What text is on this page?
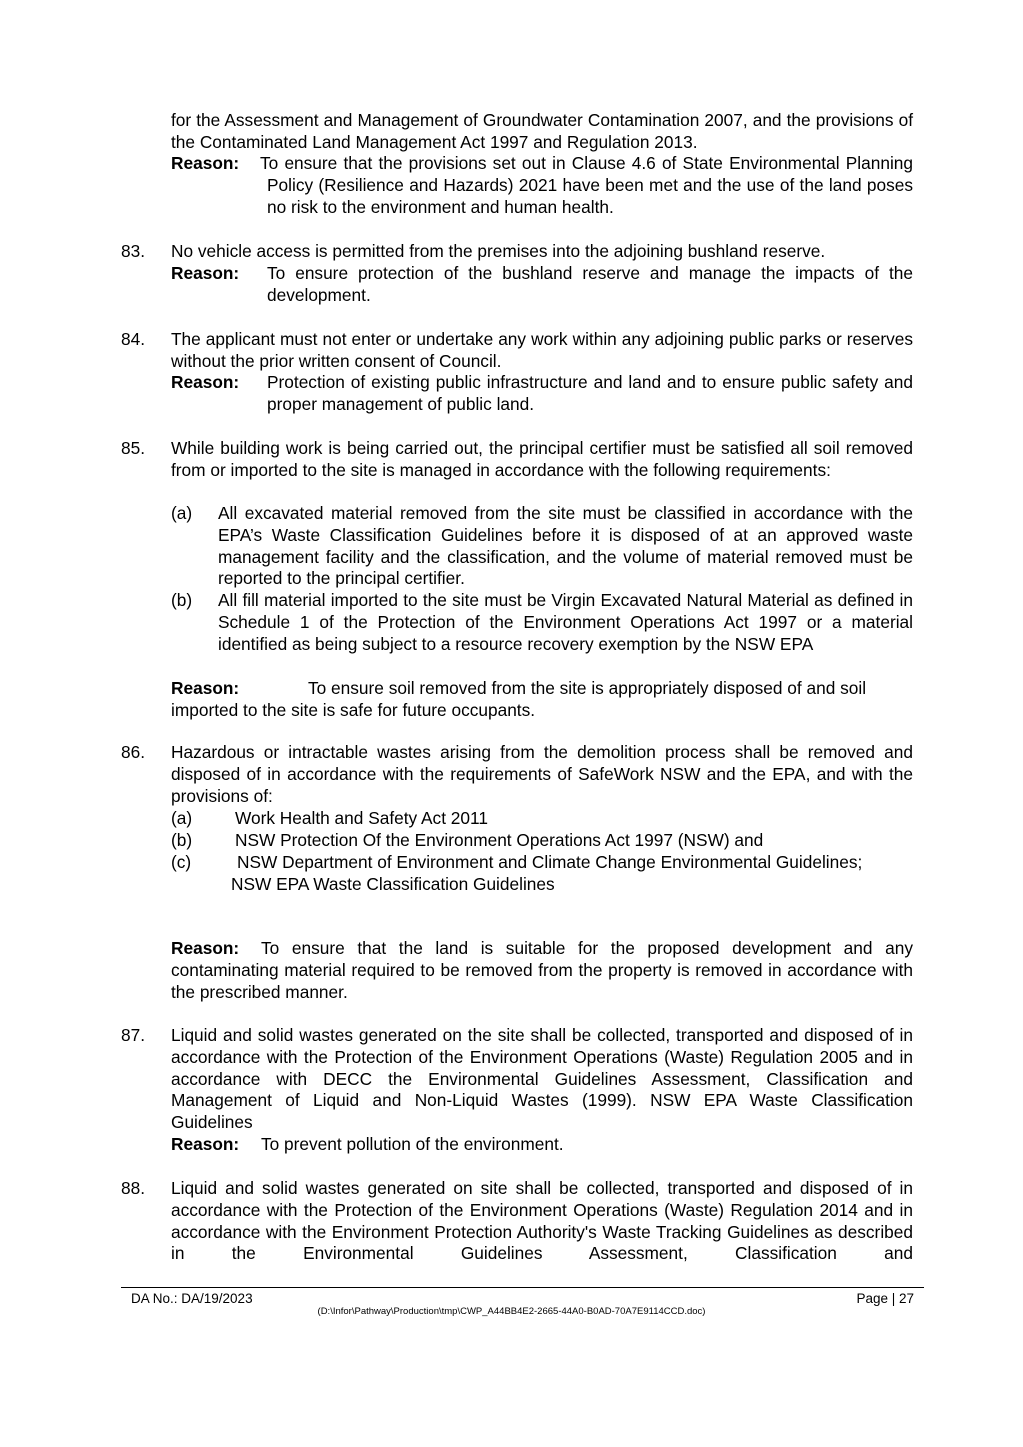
for the Assessment and Management of Groundwater Contamination 2007, and the provisions of the Contaminated Land Management Act 1997 and Regulation 2013.
Reason: To ensure that the provisions set out in Clause 4.6 of State Environmental Planning Policy (Resilience and Hazards) 2021 have been met and the use of the land poses no risk to the environment and human health.
83. No vehicle access is permitted from the premises into the adjoining bushland reserve.
Reason: To ensure protection of the bushland reserve and manage the impacts of the development.
84. The applicant must not enter or undertake any work within any adjoining public parks or reserves without the prior written consent of Council.
Reason: Protection of existing public infrastructure and land and to ensure public safety and proper management of public land.
85. While building work is being carried out, the principal certifier must be satisfied all soil removed from or imported to the site is managed in accordance with the following requirements:
(a) All excavated material removed from the site must be classified in accordance with the EPA’s Waste Classification Guidelines before it is disposed of at an approved waste management facility and the classification, and the volume of material removed must be reported to the principal certifier.
(b) All fill material imported to the site must be Virgin Excavated Natural Material as defined in Schedule 1 of the Protection of the Environment Operations Act 1997 or a material identified as being subject to a resource recovery exemption by the NSW EPA
Reason:	To ensure soil removed from the site is appropriately disposed of and soil
imported to the site is safe for future occupants.
86. Hazardous or intractable wastes arising from the demolition process shall be removed and disposed of in accordance with the requirements of SafeWork NSW and the EPA, and with the provisions of:
(a) Work Health and Safety Act 2011
(b) NSW Protection Of the Environment Operations Act 1997 (NSW) and
(c)	NSW Department of Environment and Climate Change Environmental Guidelines;
NSW EPA Waste Classification Guidelines
Reason:	To ensure that the land is suitable for the proposed development and any contaminating material required to be removed from the property is removed in accordance with the prescribed manner.
87. Liquid and solid wastes generated on the site shall be collected, transported and disposed of in accordance with the Protection of the Environment Operations (Waste) Regulation 2005 and in accordance with DECC the Environmental Guidelines Assessment, Classification and Management of Liquid and Non-Liquid Wastes (1999). NSW EPA Waste Classification Guidelines
Reason: To prevent pollution of the environment.
88. Liquid and solid wastes generated on site shall be collected, transported and disposed of in accordance with the Protection of the Environment Operations (Waste) Regulation 2014 and in accordance with the Environment Protection Authority's Waste Tracking Guidelines as described in the Environmental Guidelines Assessment, Classification and
DA No.: DA/19/2023	Page | 27
(D:\Infor\Pathway\Production\tmp\CWP_A44BB4E2-2665-44A0-B0AD-70A7E9114CCD.doc)
